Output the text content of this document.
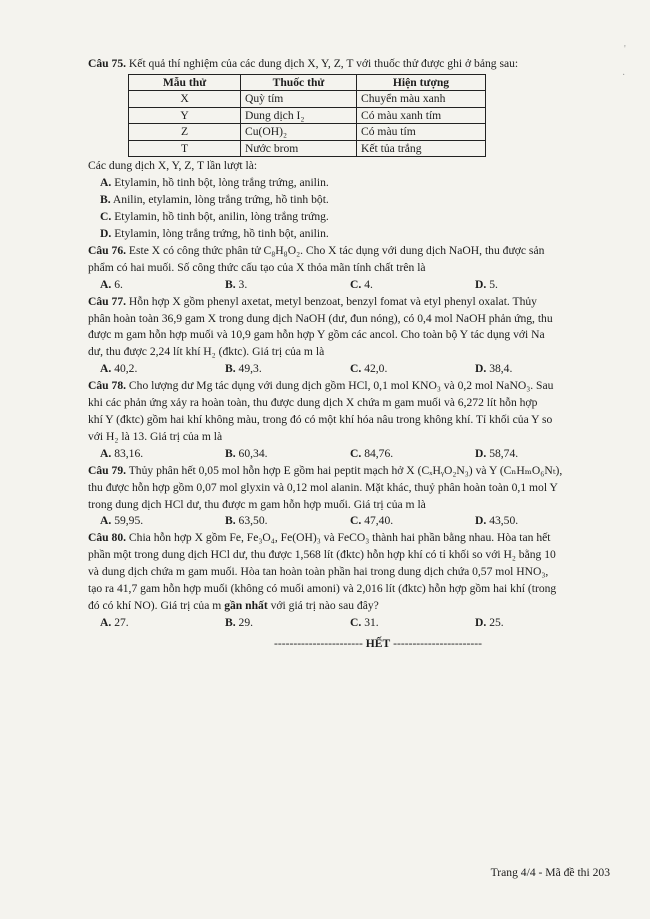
Câu 75. Kết quả thí nghiệm của các dung dịch X, Y, Z, T với thuốc thử được ghi ở bảng sau:

Mẫu thử	Thuốc thử	Hiện tượng
X	Quỳ tím	Chuyển màu xanh
Y	Dung dịch I₂	Có màu xanh tím
Z	Cu(OH)₂	Có màu tím
T	Nước brom	Kết tủa trắng

Các dung dịch X, Y, Z, T lần lượt là:

A. Etylamin, hồ tinh bột, lòng trắng trứng, anilin.

B. Anilin, etylamin, lòng trắng trứng, hồ tinh bột.

C. Etylamin, hồ tinh bột, anilin, lòng trắng trứng.

D. Etylamin, lòng trắng trứng, hồ tinh bột, anilin.

Câu 76. Este X có công thức phân tử C₈H₈O₂. Cho X tác dụng với dung dịch NaOH, thu được sản

phẩm có hai muối. Số công thức cấu tạo của X thỏa mãn tính chất trên là

A. 6.	B. 3.	C. 4.	D. 5.

Câu 77. Hỗn hợp X gồm phenyl axetat, metyl benzoat, benzyl fomat và etyl phenyl oxalat. Thủy

phân hoàn toàn 36,9 gam X trong dung dịch NaOH (dư, đun nóng), có 0,4 mol NaOH phản ứng, thu

được m gam hỗn hợp muối và 10,9 gam hỗn hợp Y gồm các ancol. Cho toàn bộ Y tác dụng với Na

dư, thu được 2,24 lít khí H₂ (đktc). Giá trị của m là

A. 40,2.	B. 49,3.	C. 42,0.	D. 38,4.

Câu 78. Cho lượng dư Mg tác dụng với dung dịch gồm HCl, 0,1 mol KNO₃ và 0,2 mol NaNO₃. Sau

khi các phản ứng xảy ra hoàn toàn, thu được dung dịch X chứa m gam muối và 6,272 lít hỗn hợp

khí Y (đktc) gồm hai khí không màu, trong đó có một khí hóa nâu trong không khí. Tỉ khối của Y so

với H₂ là 13. Giá trị của m là

A. 83,16.	B. 60,34.	C. 84,76.	D. 58,74.

Câu 79. Thủy phân hết 0,05 mol hỗn hợp E gồm hai peptit mạch hở X (CₓHᵧO₂N₃) và Y (CₙHₘO₆Nₜ),

thu được hỗn hợp gồm 0,07 mol glyxin và 0,12 mol alanin. Mặt khác, thuỷ phân hoàn toàn 0,1 mol Y

trong dung dịch HCl dư, thu được m gam hỗn hợp muối. Giá trị của m là

A. 59,95.	B. 63,50.	C. 47,40.	D. 43,50.

Câu 80. Chia hỗn hợp X gồm Fe, Fe₃O₄, Fe(OH)₃ và FeCO₃ thành hai phần bằng nhau. Hòa tan hết

phần một trong dung dịch HCl dư, thu được 1,568 lít (đktc) hỗn hợp khí có tỉ khối so với H₂ bằng 10

và dung dịch chứa m gam muối. Hòa tan hoàn toàn phần hai trong dung dịch chứa 0,57 mol HNO₃,

tạo ra 41,7 gam hỗn hợp muối (không có muối amoni) và 2,016 lít (đktc) hỗn hợp gồm hai khí (trong

đó có khí NO). Giá trị của m gần nhất với giá trị nào sau đây?

A. 27.	B. 29.	C. 31.	D. 25.
----------------------- HẾT -----------------------
Trang 4/4 - Mã đề thi 203
'
·
